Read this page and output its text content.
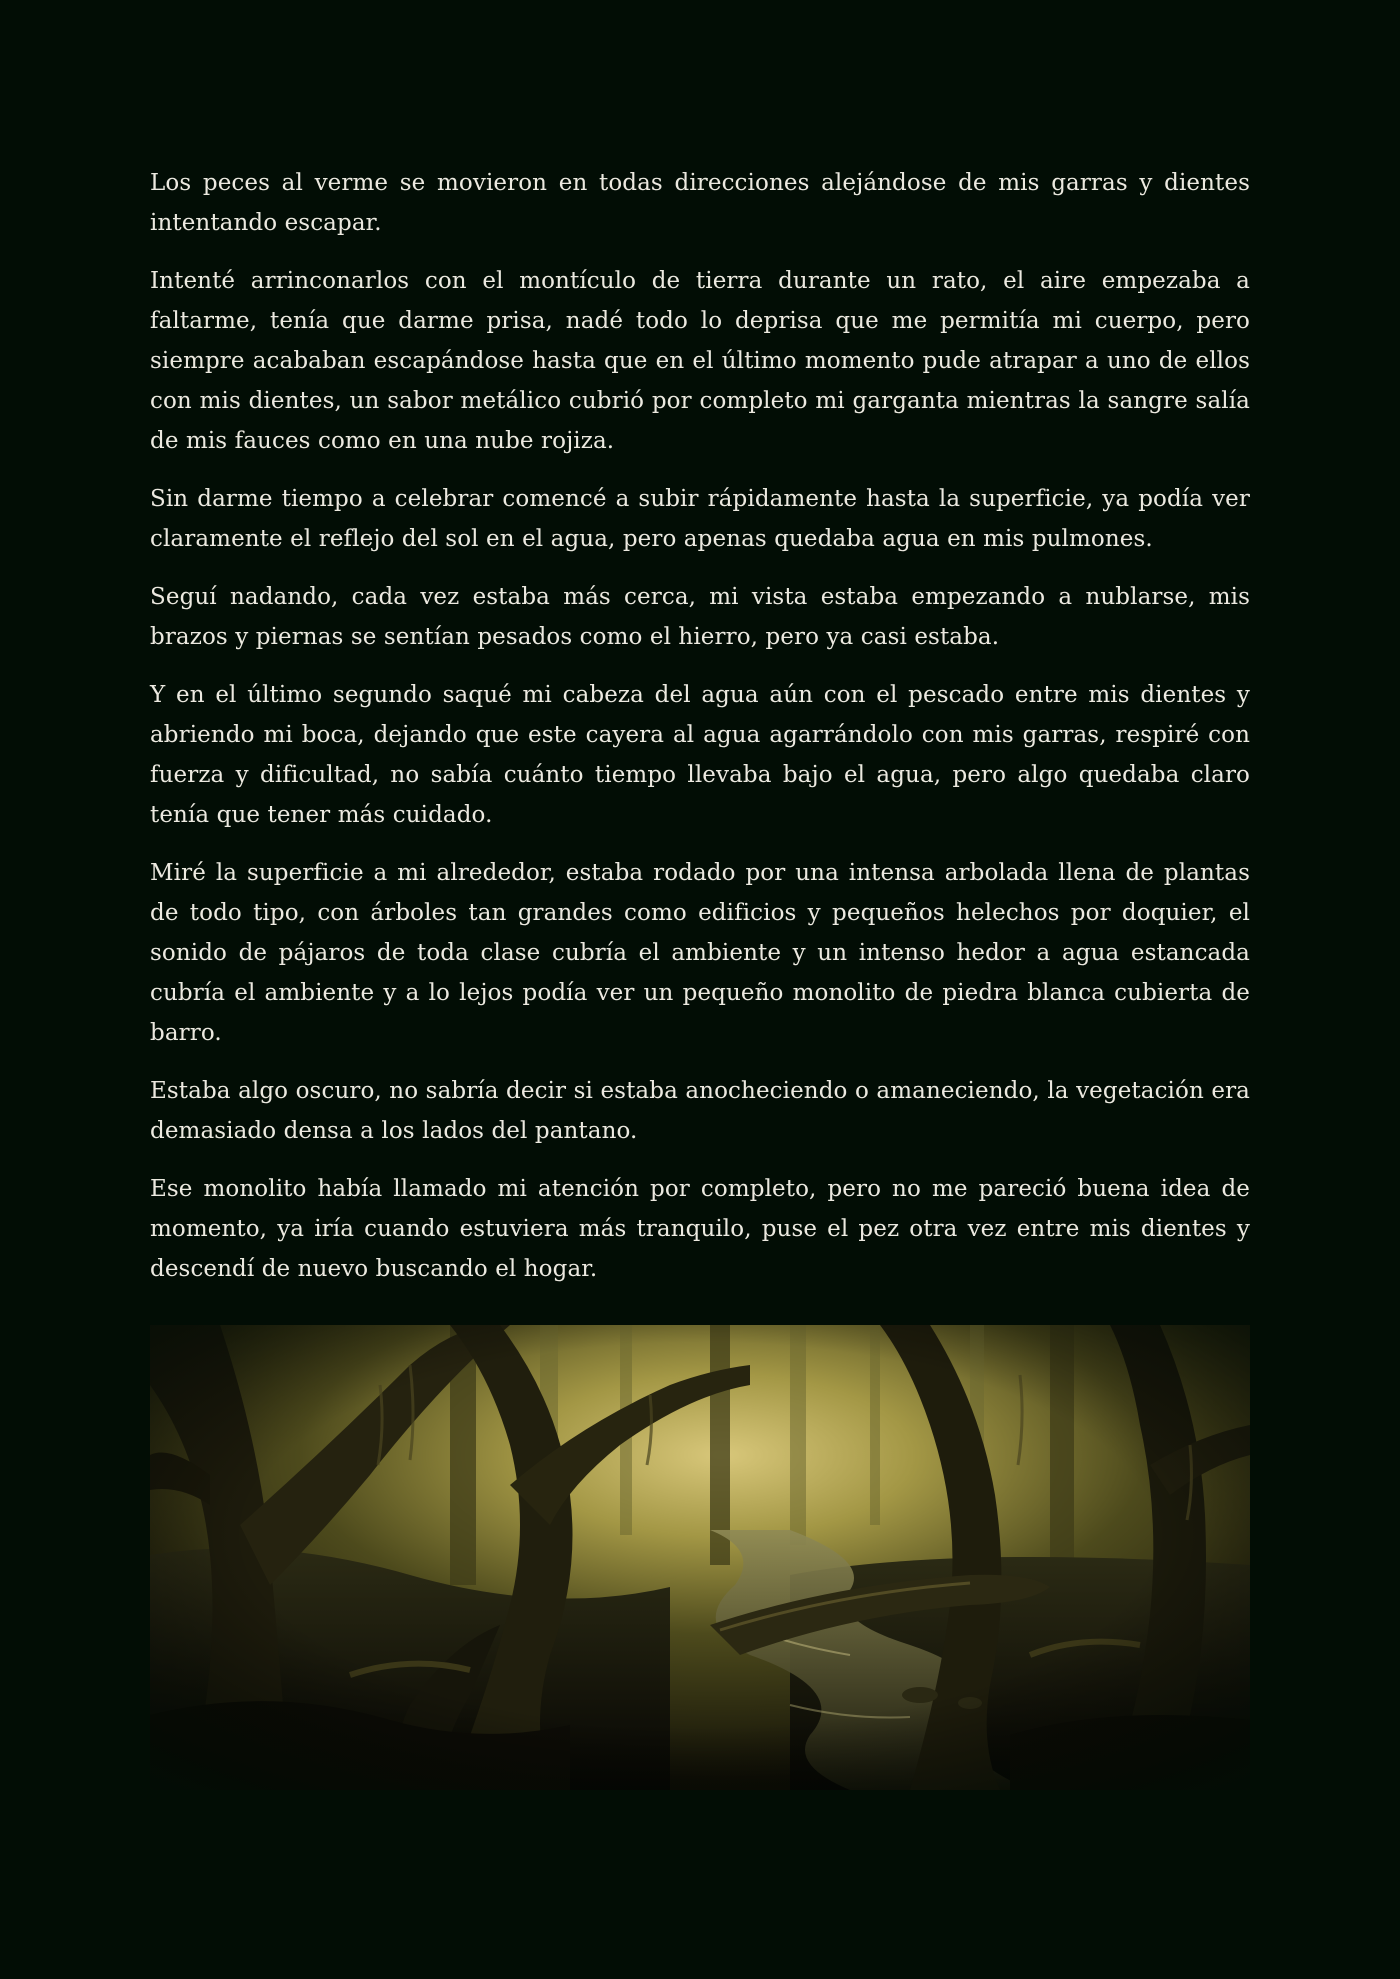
Los peces al verme se movieron en todas direcciones alejándose de mis garras y dientes intentando escapar.

Intenté arrinconarlos con el montículo de tierra durante un rato, el aire empezaba a faltarme, tenía que darme prisa, nadé todo lo deprisa que me permitía mi cuerpo, pero siempre acababan escapándose hasta que en el último momento pude atrapar a uno de ellos con mis dientes, un sabor metálico cubrió por completo mi garganta mientras la sangre salía de mis fauces como en una nube rojiza.

Sin darme tiempo a celebrar comencé a subir rápidamente hasta la superficie, ya podía ver claramente el reflejo del sol en el agua, pero apenas quedaba agua en mis pulmones.

Seguí nadando, cada vez estaba más cerca, mi vista estaba empezando a nublarse, mis brazos y piernas se sentían pesados como el hierro, pero ya casi estaba.

Y en el último segundo saqué mi cabeza del agua aún con el pescado entre mis dientes y abriendo mi boca, dejando que este cayera al agua agarrándolo con mis garras, respiré con fuerza y dificultad, no sabía cuánto tiempo llevaba bajo el agua, pero algo quedaba claro tenía que tener más cuidado.

Miré la superficie a mi alrededor, estaba rodado por una intensa arbolada llena de plantas de todo tipo, con árboles tan grandes como edificios y pequeños helechos por doquier, el sonido de pájaros de toda clase cubría el ambiente y un intenso hedor a agua estancada cubría el ambiente y a lo lejos podía ver un pequeño monolito de piedra blanca cubierta de barro.

Estaba algo oscuro, no sabría decir si estaba anocheciendo o amaneciendo, la vegetación era demasiado densa a los lados del pantano.

Ese monolito había llamado mi atención por completo, pero no me pareció buena idea de momento, ya iría cuando estuviera más tranquilo, puse el pez otra vez entre mis dientes y descendí de nuevo buscando el hogar.
